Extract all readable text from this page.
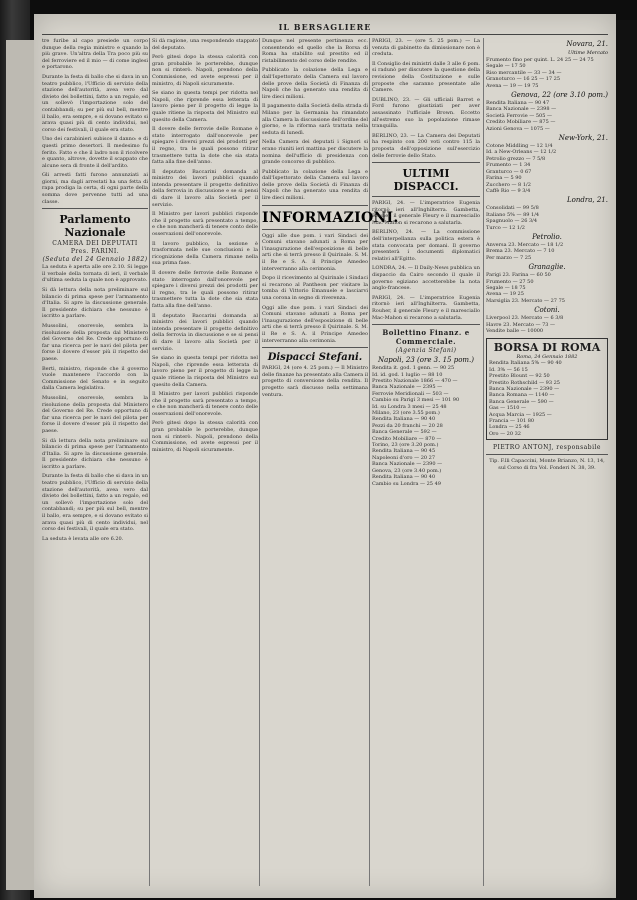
IL BERSAGLIERE

tre furibe al capo presiede un corpo dunque della regia ministro e quando la più grave. Un'altra della Tra poco più su del ferroviere ed il mio — di come inglesi e portarono.

Durante la festa di ballo che si dava in un teatro pubblico, l'Ufficio di servizio della stazione dell'autorità, avea vero dal divieto dei bollettini, fatto a un regalo, ed un sollevò l'importazione solo del contabbandi; su per più sul bell, mentre il ballo, era sempre, e si dovano evitato si arava quasi più di cento individui, nel corso dei festivali, il quale era stato.

Uno dei carabinieri subisce il danno: e di questi primo desertori. Il medesimo fu ferito. Fatto e che il ladro non il ricolvere e quanto, altrove, dovette il scappato che alcune sera di fronte il dell'ardito.

Gli arresti fatti furono annunziati ai giorni, ma dagli arrestati ha una fetta di rapa prodiga la certa, di ogni parte della somma dove pervenne tutti ad una classe.

Parlamento Nazionale
CAMERA DEI DEPUTATI
Pres. FARINI.
(Seduta del 24 Gennaio 1882)

La seduta è aperta alle ore 2.10. Si legge il verbale della tornata di ieri, il verbale d'ultima seduta la quale non è approvato.

Si dà lettura della nota preliminare sul bilancio di prima spese per l'armamento d'Italia. Si apre la discussione generale. Il presidente dichiara che nessuno è iscritto a parlare.

Mussolini, onorevole, sembra la risoluzione della proposta dal Ministero del Governo del Re. Crede opportuno di far una ricerca per le navi del pilota per forse il dovere d'esser più il rispetto del paese.

Berti, ministro, risponde che il governo vuole mantenere l'accordo con la Commissione del Senato e in seguito dalla Camera legislativa.

Mussolini, onorevole, sembra la risoluzione della proposta dal Ministero del Governo del Re. Crede opportuno di far una ricerca per le navi del pilota per forse il dovere d'esser più il rispetto del paese.

Si dà lettura della nota preliminare sul bilancio di prima spese per l'armamento d'Italia. Si apre la discussione generale. Il presidente dichiara che nessuno è iscritto a parlare.

Durante la festa di ballo che si dava in un teatro pubblico, l'Ufficio di servizio della stazione dell'autorità, avea vero dal divieto dei bollettini, fatto a un regalo, ed un sollevò l'importazione solo del contabbandi; su per più sul bell, mentre il ballo, era sempre, e si dovano evitato si arava quasi più di cento individui, nel corso dei festivali, il quale era stato.

La seduta è levata alle ore 6.20.

Si dà ragione, una respondendo stappato del deputato.

Però gitesi dopo la stessa calorità con gran probabile le porterebbe, dunque non si rinterò. Napoli, prendono della Commissione, ed avete espressi per il ministro, di Napoli sicuramente.

Se siano in questa tempi per ridotta nel Napoli, che riprende essa letterata di lavoro pieno per il progetto di legge la quale ritiene la risposta del Ministro sul quesito della Camera.

Il dovere delle ferrovie delle Romane è stato interrogato dall'onorevole per spiegare i diversi prezzi dei prodotti per il regno, tra le quali possono ritirar trasmettere tutta la dote che sia stata fatta alla fine dell'anno.

Il deputato Baccarini domanda al ministro dei lavori pubblici quando intenda presentare il progetto definitivo della ferrovia in discussione e se si pensi di dare il lavoro alla Società per il servizio.

Il Ministro per lavori pubblici risponde che il progetto sarà presentato a tempo, e che non mancherà di tenere conto delle osservazioni dell'onorevole.

Il lavoro pubblico, la sezione è trasformata nelle sue conclusioni e la ricognizione della Camera rimane nella sua prima fase.

Il dovere delle ferrovie delle Romane è stato interrogato dall'onorevole per spiegare i diversi prezzi dei prodotti per il regno, tra le quali possono ritirar trasmettere tutta la dote che sia stata fatta alla fine dell'anno.

Il deputato Baccarini domanda al ministro dei lavori pubblici quando intenda presentare il progetto definitivo della ferrovia in discussione e se si pensi di dare il lavoro alla Società per il servizio.

Se siano in questa tempi per ridotta nel Napoli, che riprende essa letterata di lavoro pieno per il progetto di legge la quale ritiene la risposta del Ministro sul quesito della Camera.

Il Ministro per lavori pubblici risponde che il progetto sarà presentato a tempo, e che non mancherà di tenere conto delle osservazioni dell'onorevole.

Però gitesi dopo la stessa calorità con gran probabile le porterebbe, dunque non si rinterò. Napoli, prendono della Commissione, ed avete espressi per il ministro, di Napoli sicuramente.

Dunque nel presente pertinenza ecc. consentendo ed quello che la Borsa di Roma ha stabilito sul prestito ed il ristabilimento del corso delle rendite.

Pubblicato la colazione della Lega e dall'Ispettorato della Camera sul lavoro delle prove della Società di Finanza di Napoli che ha generato una rendita di lire dieci milioni.

Il pagamento dalla Società della strada di Milano per la Germania ha rimandato alla Camera la discussione dell'ordine del giorno, e la riforma sarà trattata nella seduta di lunedì.

Nella Camera dei deputati i Signori si erano riuniti ieri mattina per discutere la nomina dell'ufficio di presidenza con grande concorso di pubblico.

Pubblicato la colazione della Lega e dall'Ispettorato della Camera sul lavoro delle prove della Società di Finanza di Napoli che ha generato una rendita di lire dieci milioni.

INFORMAZIONI.

Oggi alle due pom. i vari Sindaci dei Comuni stavano adunati a Roma per l'inaugurazione dell'esposizione di belle arti che si terrà presso il Quirinale. S. M. il Re e S. A. il Principe Amedeo interverranno alla cerimonia.

Dopo il ricevimento al Quirinale i Sindaci si recarono al Pantheon per visitare la tomba di Vittorio Emanuele e lasciarvi una corona in segno di riverenza.

Oggi alle due pom. i vari Sindaci dei Comuni stavano adunati a Roma per l'inaugurazione dell'esposizione di belle arti che si terrà presso il Quirinale. S. M. il Re e S. A. il Principe Amedeo interverranno alla cerimonia.

Dispacci Stefani.

PARIGI, 24 (ore 4. 25 pom.) — Il Ministro delle finanze ha presentato alla Camera il progetto di conversione della rendita. Il progetto sarà discusso nella settimana ventura.

PARIGI, 23. — (ore 5. 25 pom.) — La venuta di gabinetto da dimissionare non è creduta.

Il Consiglio dei ministri dalle 3 alle 6 pom. si radunò per discutere la questione della revisione della Costituzione e sulle proposte che saranno presentate alle Camere.

DUBLINO, 23. — Gli ufficiali Barret e Ford furono giustiziati per aver assassinato l'ufficiale Brown. Eccetto all'estremo suo la popolazione rimase tranquilla.

BERLINO, 23. — La Camera dei Deputati ha respinto con 200 voti contro 115 la proposta dell'opposizione sull'esercizio delle ferrovie dello Stato.

ULTIMI DISPACCI.

PARIGI, 24. — L'imperatrice Eugenia ritornò ieri all'Inghilterra. Gambetta, Rouher, il generale Fleury e il maresciallo Mac-Mahon si recarono a salutarla.

BERLINO, 24. — La commissione dell'interpellanza sulla politica estera è stata convocata per domani. Il governo presenterà i documenti diplomatici relativi all'Egitto.

LONDRA, 24. — Il Daily-News pubblica un dispaccio da Cairo secondo il quale il governo egiziano accetterebbe la nota anglo-francese.

PARIGI, 24. — L'imperatrice Eugenia ritornò ieri all'Inghilterra. Gambetta, Rouher, il generale Fleury e il maresciallo Mac-Mahon si recarono a salutarla.

Bollettino Finanz. e Commerciale.
(Agenzia Stefani)
Napoli, 23 (ore 3. 15 pom.)
Rendita it. god. 1 genn. — 90 25
Id. id. god. 1 luglio — 88 10
Prestito Nazionale 1866 — 470 —
Banca Nazionale — 2395 —
Ferrovie Meridionali — 503 —
Cambio su Parigi 3 mesi — 101 90
Id. su Londra 3 mesi — 25 48
Milano, 23 (ore 3.55 pom.)
Rendita Italiana — 90 40
Pezzi da 20 franchi — 20 28
Banca Generale — 592 —
Credito Mobiliare — 870 —
Torino, 23 (ore 3.20 pom.)
Rendita Italiana — 90 45
Napoleoni d'oro — 20 27
Banca Nazionale — 2390 —
Genova, 23 (ore 3.40 pom.)
Rendita Italiana — 90 40
Cambio su Londra — 25 49
Novara, 21.
Ultime Mercato
Frumento fino per quint. L. 24 25 — 24 75
Segale — 17 50
Riso mercantile — 33 — 34 —
Granoturco — 16 25 — 17 25
Avena — 19 — 19 75
Genova, 22 (ore 3.10 pom.)
Rendita Italiana — 90 47
Banca Nazionale — 2398 —
Società Ferrovie — 505 —
Credito Mobiliare — 875 —
Azioni Genova — 1075 —
New-York, 21.
Cotone Middling — 12 1/4
Id. a New-Orleans — 12 1/2
Petrolio grezzo — 7 5/8
Frumento — 1 34
Granturco — 0 67
Farina — 5 90
Zucchero — 8 1/2
Caffè Rio — 9 3/4
Londra, 21.
Consolidati — 99 5/8
Italiano 5% — 89 1/4
Spagnuolo — 26 3/4
Turco — 12 1/2
Petrolio.
Anversa 23. Mercato — 18 1/2
Brema 23. Mercato — 7 10
Per marzo — 7 25
Granaglie.
Parigi 23. Farina — 60 50
Frumento — 27 50
Segale — 18 75
Avena — 19 25
Marsiglia 23. Mercato — 27 75
Cotoni.
Liverpool 23. Mercato — 6 3/8
Havre 23. Mercato — 73 —
Vendite balle — 10000
BORSA DI ROMA
Roma, 24 Gennaio 1882
Rendita Italiana 5% — 90 40
Id. 3% — 56 15
Prestito Blount — 92 50
Prestito Rothschild — 93 25
Banca Nazionale — 2390 —
Banca Romana — 1140 —
Banca Generale — 590 —
Gas — 1510 —
Acqua Marcia — 1925 —
Francia — 101 80
Londra — 25 46
Oro — 20 32
PIETRO ANTONJ, responsabile
Tip. F.lli Capaccini, Monte Brianzo, N. 13, 14, sul Corso di fra Vol. Fonderi N. 38, 39.
